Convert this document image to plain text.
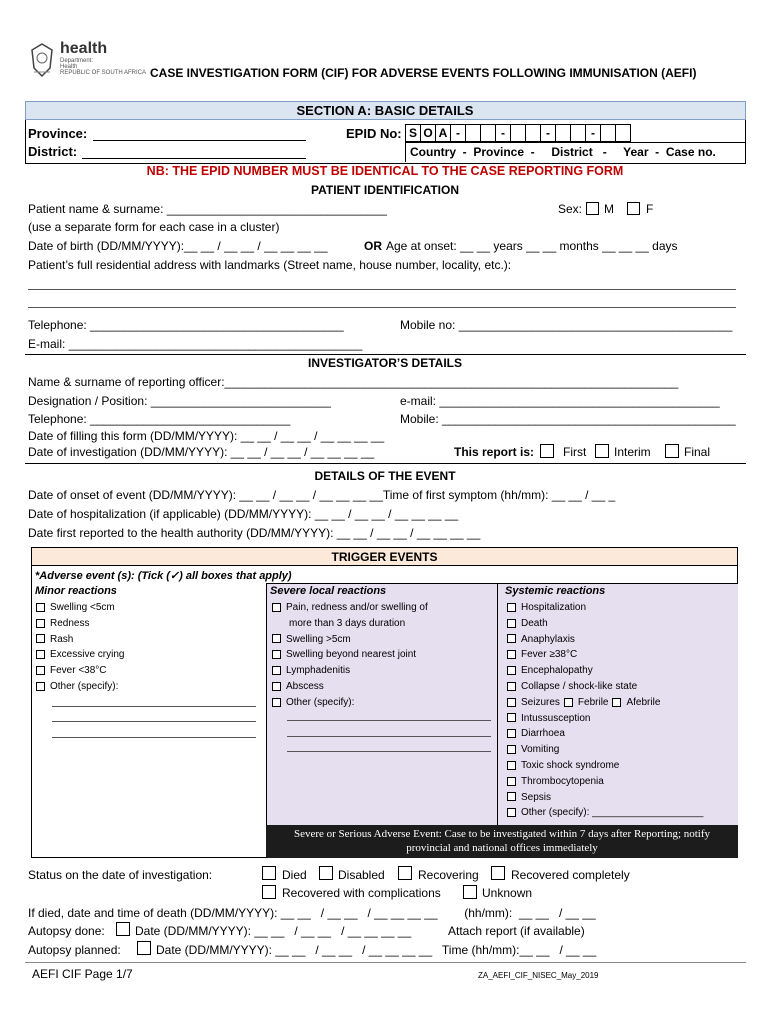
health
Department:
Health
REPUBLIC OF SOUTH AFRICA CASE INVESTIGATION FORM (CIF) FOR ADVERSE EVENTS FOLLOWING IMMUNISATION (AEFI)
SECTION A: BASIC DETAILS
Province:
District:
EPID No: S O A -	-	-	-
Country  -  Province  -     District   -     Year  -  Case no.
NB: THE EPID NUMBER MUST BE IDENTICAL TO THE CASE REPORTING FORM
PATIENT IDENTIFICATION
Patient name & surname: _________________________________	Sex: M	F
(use a separate form for each case in a cluster)
Date of birth (DD/MM/YYYY):__ __ / __ __ / __ __ __ __	OR Age at onset: __ __ years __ __ months __ __ __ days
Patient’s full residential address with landmarks (Street name, house number, locality, etc.):
Telephone: ______________________________________	Mobile no: _________________________________________
E-mail: ____________________________________________
INVESTIGATOR’S DETAILS
Name & surname of reporting officer:____________________________________________________________________
Designation / Position: ___________________________	e-mail: __________________________________________
Telephone: ______________________________	Mobile: ____________________________________________
Date of filling this form (DD/MM/YYYY): __ __ / __ __ / __ __ __ __
Date of investigation (DD/MM/YYYY): __ __ / __ __ / __ __ __ __	This report is: First Interim	Final
DETAILS OF THE EVENT
Date of onset of event (DD/MM/YYYY): __ __ / __ __ / __ __ __ __Time of first symptom (hh/mm): __ __ / __ _
Date of hospitalization (if applicable) (DD/MM/YYYY): __ __ / __ __ / __ __ __ __
Date first reported to the health authority (DD/MM/YYYY): __ __ / __ __ / __ __ __ __
TRIGGER EVENTS
*Adverse event (s): (Tick (✓) all boxes that apply)
Minor reactions
Swelling <5cm
Redness
Rash
Excessive crying
Fever <38°C
Other (specify):
Severe local reactions
Pain, redness and/or swelling of
more than 3 days duration
Swelling >5cm
Swelling beyond nearest joint
Lymphadenitis
Abscess
Other (specify):
Systemic reactions
Hospitalization
Death
Anaphylaxis
Fever ≥38°C
Encephalopathy
Collapse / shock-like state
Seizures Febrile Afebrile
Intussusception
Diarrhoea
Vomiting
Toxic shock syndrome
Thrombocytopenia
Sepsis
Other (specify): ____________________
Severe or Serious Adverse Event: Case to be investigated within 7 days after Reporting; notify
provincial and national offices immediately
Status on the date of investigation:	Died	Disabled	Recovering	Recovered completely
Recovered with complications	Unknown
If died, date and time of death (DD/MM/YYYY): __ __   / __ __   / __ __ __ __        (hh/mm):  __ __   / __ __
Autopsy done:	Date (DD/MM/YYYY): __ __   / __ __   / __ __ __ __	Attach report (if available)
Autopsy planned:	Date (DD/MM/YYYY): __ __   / __ __   / __ __ __ __   Time (hh/mm):__ __   / __ __
AEFI CIF Page 1/7	ZA_AEFI_CIF_NISEC_May_2019
